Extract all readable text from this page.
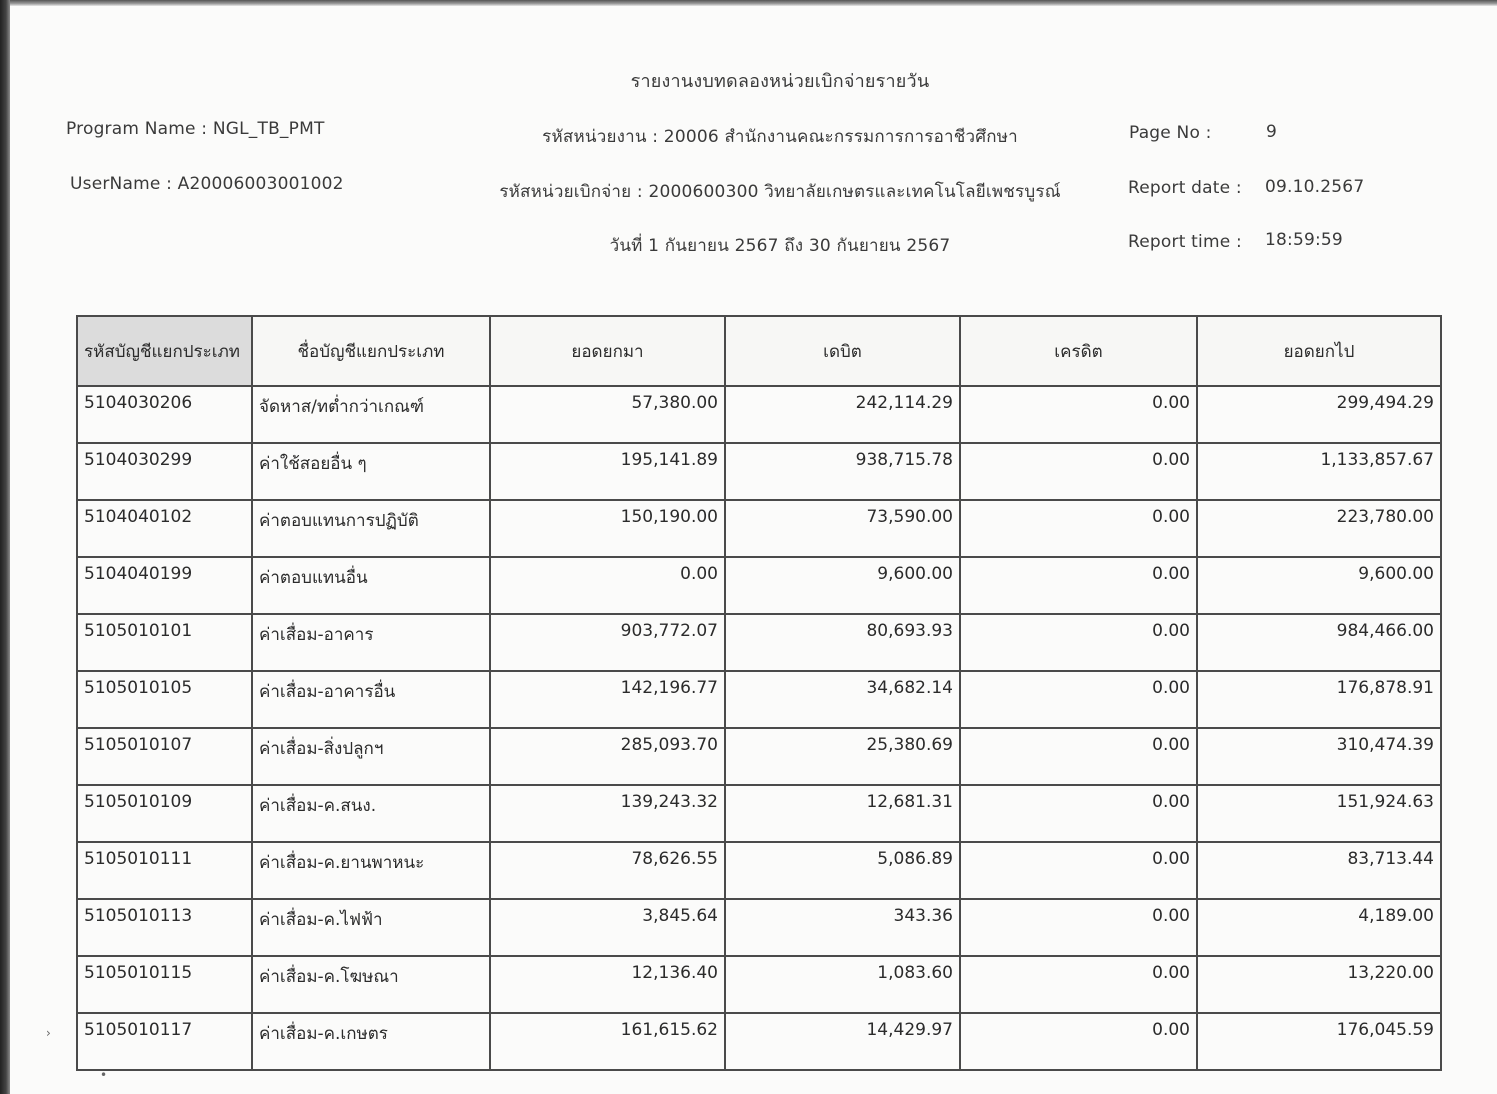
รายงานงบทดลองหน่วยเบิกจ่ายรายวัน
Program Name : NGL_TB_PMT
UserName : A20006003001002
รหัสหน่วยงาน : 20006 สำนักงานคณะกรรมการการอาชีวศึกษา
รหัสหน่วยเบิกจ่าย : 2000600300 วิทยาลัยเกษตรและเทคโนโลยีเพชรบูรณ์
วันที่ 1 กันยายน 2567 ถึง 30 กันยายน 2567
Page No :	9
Report date : 09.10.2567
Report time : 18:59:59
รหัสบัญชีแยกประเภท	ชื่อบัญชีแยกประเภท	ยอดยกมา	เดบิต	เครดิต	ยอดยกไป
5104030206	จัดหาส/ทต่ำกว่าเกณฑ์	57,380.00	242,114.29	0.00	299,494.29
5104030299	ค่าใช้สอยอื่น ๆ	195,141.89	938,715.78	0.00	1,133,857.67
5104040102	ค่าตอบแทนการปฏิบัติ	150,190.00	73,590.00	0.00	223,780.00
5104040199	ค่าตอบแทนอื่น	0.00	9,600.00	0.00	9,600.00
5105010101	ค่าเสื่อม-อาคาร	903,772.07	80,693.93	0.00	984,466.00
5105010105	ค่าเสื่อม-อาคารอื่น	142,196.77	34,682.14	0.00	176,878.91
5105010107	ค่าเสื่อม-สิ่งปลูกฯ	285,093.70	25,380.69	0.00	310,474.39
5105010109	ค่าเสื่อม-ค.สนง.	139,243.32	12,681.31	0.00	151,924.63
5105010111	ค่าเสื่อม-ค.ยานพาหนะ	78,626.55	5,086.89	0.00	83,713.44
5105010113	ค่าเสื่อม-ค.ไฟฟ้า	3,845.64	343.36	0.00	4,189.00
5105010115	ค่าเสื่อม-ค.โฆษณา	12,136.40	1,083.60	0.00	13,220.00
5105010117	ค่าเสื่อม-ค.เกษตร	161,615.62	14,429.97	0.00	176,045.59
›
•
